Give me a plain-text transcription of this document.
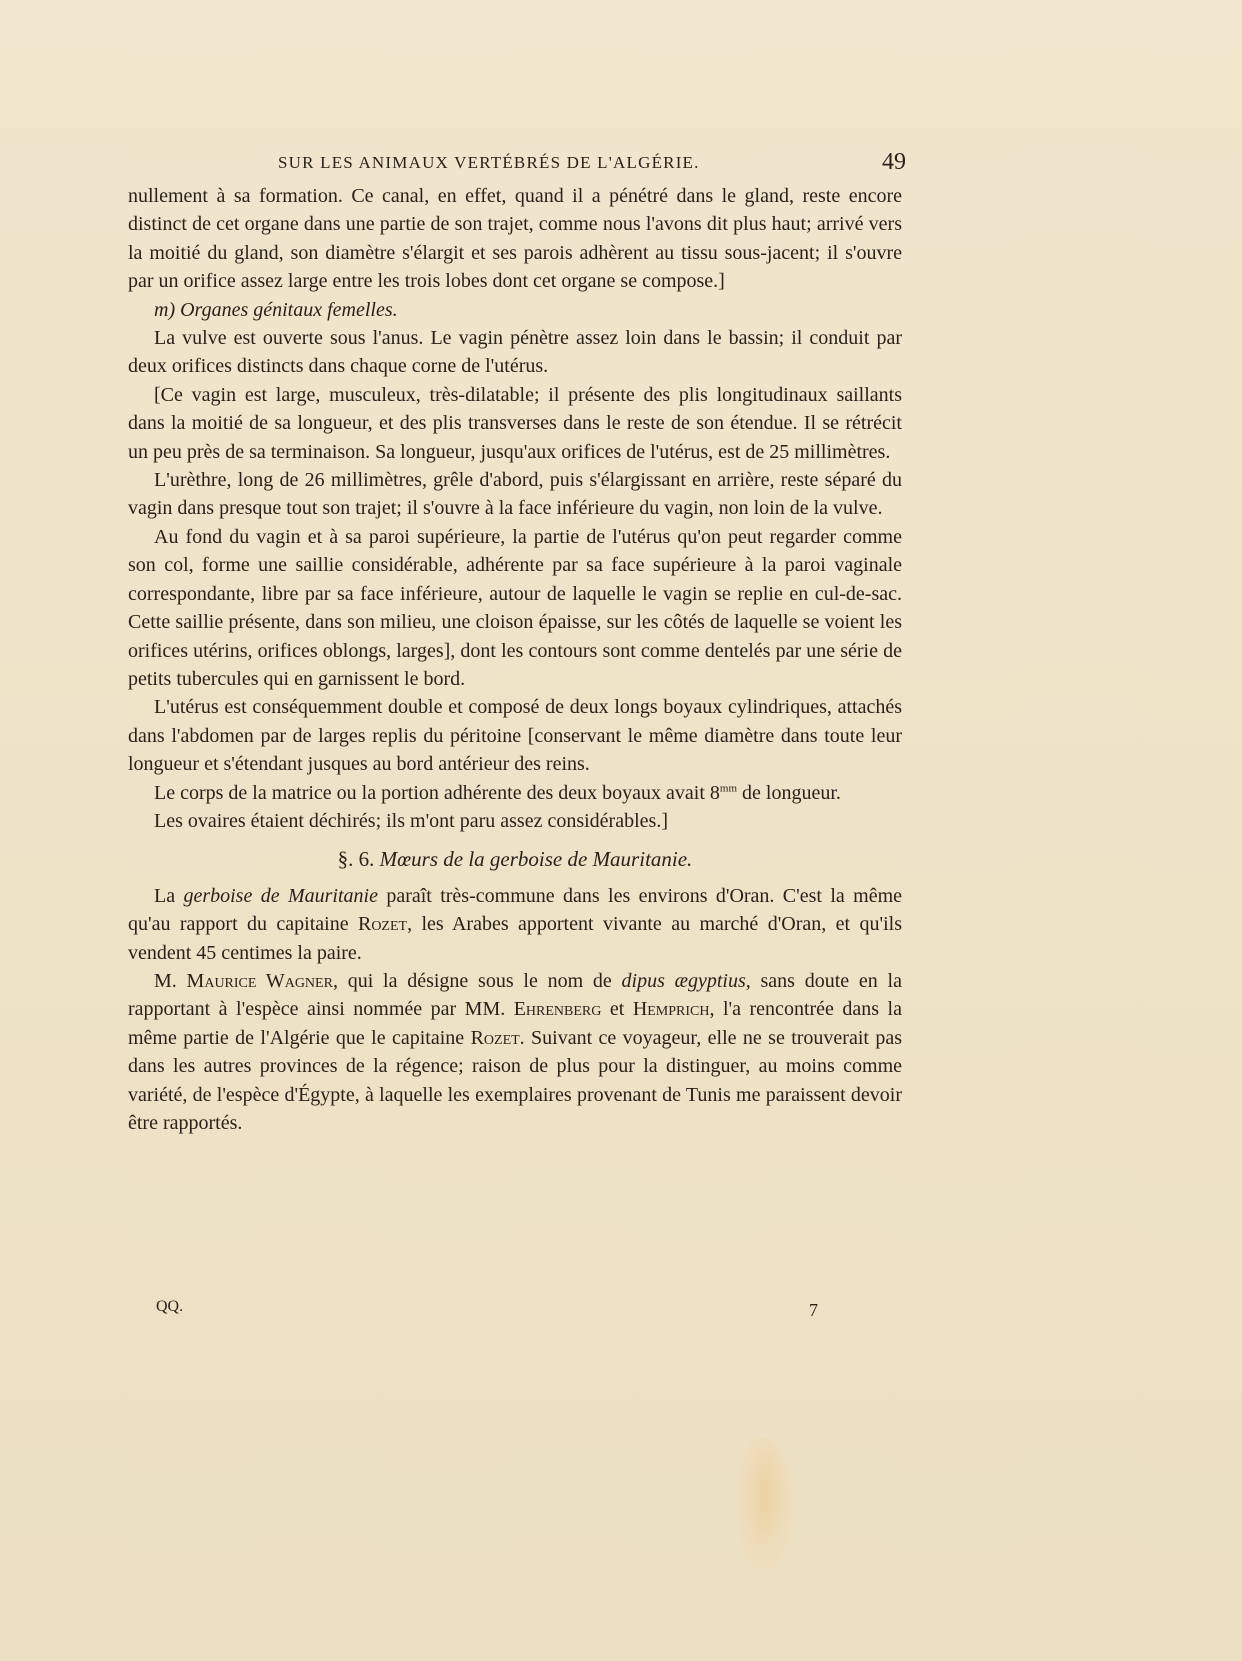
SUR LES ANIMAUX VERTÉBRÉS DE L'ALGÉRIE.	49

nullement à sa formation. Ce canal, en effet, quand il a pénétré dans le gland, reste encore distinct de cet organe dans une partie de son trajet, comme nous l'avons dit plus haut; arrivé vers la moitié du gland, son diamètre s'élargit et ses parois adhèrent au tissu sous-jacent; il s'ouvre par un orifice assez large entre les trois lobes dont cet organe se compose.]

m) Organes génitaux femelles.

La vulve est ouverte sous l'anus. Le vagin pénètre assez loin dans le bassin; il conduit par deux orifices distincts dans chaque corne de l'utérus.

[Ce vagin est large, musculeux, très-dilatable; il présente des plis longitudinaux saillants dans la moitié de sa longueur, et des plis transverses dans le reste de son étendue. Il se rétrécit un peu près de sa terminaison. Sa longueur, jusqu'aux orifices de l'utérus, est de 25 millimètres.

L'urèthre, long de 26 millimètres, grêle d'abord, puis s'élargissant en arrière, reste séparé du vagin dans presque tout son trajet; il s'ouvre à la face inférieure du vagin, non loin de la vulve.

Au fond du vagin et à sa paroi supérieure, la partie de l'utérus qu'on peut regarder comme son col, forme une saillie considérable, adhérente par sa face supérieure à la paroi vaginale correspondante, libre par sa face inférieure, autour de laquelle le vagin se replie en cul-de-sac. Cette saillie présente, dans son milieu, une cloison épaisse, sur les côtés de laquelle se voient les orifices utérins, orifices oblongs, larges], dont les contours sont comme dentelés par une série de petits tubercules qui en garnissent le bord.

L'utérus est conséquemment double et composé de deux longs boyaux cylindriques, attachés dans l'abdomen par de larges replis du péritoine [conservant le même diamètre dans toute leur longueur et s'étendant jusques au bord antérieur des reins.

Le corps de la matrice ou la portion adhérente des deux boyaux avait $8^{mm}$ de longueur.

Les ovaires étaient déchirés; ils m'ont paru assez considérables.]

§. 6. Mœurs de la gerboise de Mauritanie.

La gerboise de Mauritanie paraît très-commune dans les environs d'Oran. C'est la même qu'au rapport du capitaine Rozet, les Arabes apportent vivante au marché d'Oran, et qu'ils vendent 45 centimes la paire.

M. Maurice Wagner, qui la désigne sous le nom de dipus ægyptius, sans doute en la rapportant à l'espèce ainsi nommée par MM. Ehrenberg et Hemprich, l'a rencontrée dans la même partie de l'Algérie que le capitaine Rozet. Suivant ce voyageur, elle ne se trouverait pas dans les autres provinces de la régence; raison de plus pour la distinguer, au moins comme variété, de l'espèce d'Égypte, à laquelle les exemplaires provenant de Tunis me paraissent devoir être rapportés.

QQ.	7
